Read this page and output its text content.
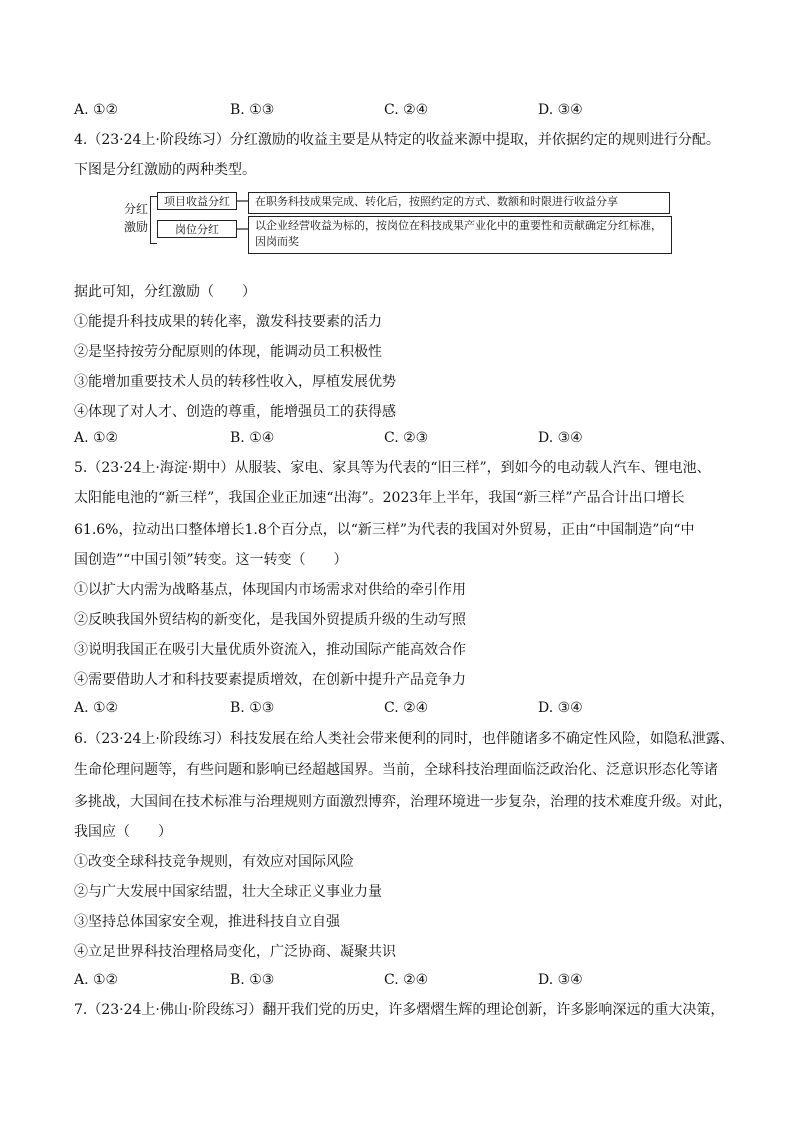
A. ①②	B. ①③	C. ②④	D. ③④
4.（23·24上·阶段练习）分红激励的收益主要是从特定的收益来源中提取，并依据约定的规则进行分配。
下图是分红激励的两种类型。
分红激励
项目收益分红
岗位分红
在职务科技成果完成、转化后，按照约定的方式、数额和时限进行收益分享
以企业经营收益为标的，按岗位在科技成果产业化中的重要性和贡献确定分红标准，因岗而奖
据此可知，分红激励（　　）
①能提升科技成果的转化率，激发科技要素的活力
②是坚持按劳分配原则的体现，能调动员工积极性
③能增加重要技术人员的转移性收入，厚植发展优势
④体现了对人才、创造的尊重，能增强员工的获得感
A. ①②	B. ①④	C. ②③	D. ③④
5.（23·24上·海淀·期中）从服装、家电、家具等为代表的“旧三样”，到如今的电动载人汽车、锂电池、
太阳能电池的“新三样”，我国企业正加速“出海”。2023年上半年，我国“新三样”产品合计出口增长
61.6%，拉动出口整体增长1.8个百分点，以“新三样”为代表的我国对外贸易，正由“中国制造”向“中
国创造”“中国引领”转变。这一转变（　　）
①以扩大内需为战略基点，体现国内市场需求对供给的牵引作用
②反映我国外贸结构的新变化，是我国外贸提质升级的生动写照
③说明我国正在吸引大量优质外资流入，推动国际产能高效合作
④需要借助人才和科技要素提质增效，在创新中提升产品竞争力
A. ①②	B. ①③	C. ②④	D. ③④
6.（23·24上·阶段练习）科技发展在给人类社会带来便利的同时，也伴随诸多不确定性风险，如隐私泄露、
生命伦理问题等，有些问题和影响已经超越国界。当前，全球科技治理面临泛政治化、泛意识形态化等诸
多挑战，大国间在技术标准与治理规则方面激烈博弈，治理环境进一步复杂，治理的技术难度升级。对此，
我国应（　　）
①改变全球科技竞争规则，有效应对国际风险
②与广大发展中国家结盟，壮大全球正义事业力量
③坚持总体国家安全观，推进科技自立自强
④立足世界科技治理格局变化，广泛协商、凝聚共识
A. ①②	B. ①③	C. ②④	D. ③④
7.（23·24上·佛山·阶段练习）翻开我们党的历史，许多熠熠生辉的理论创新，许多影响深远的重大决策，
